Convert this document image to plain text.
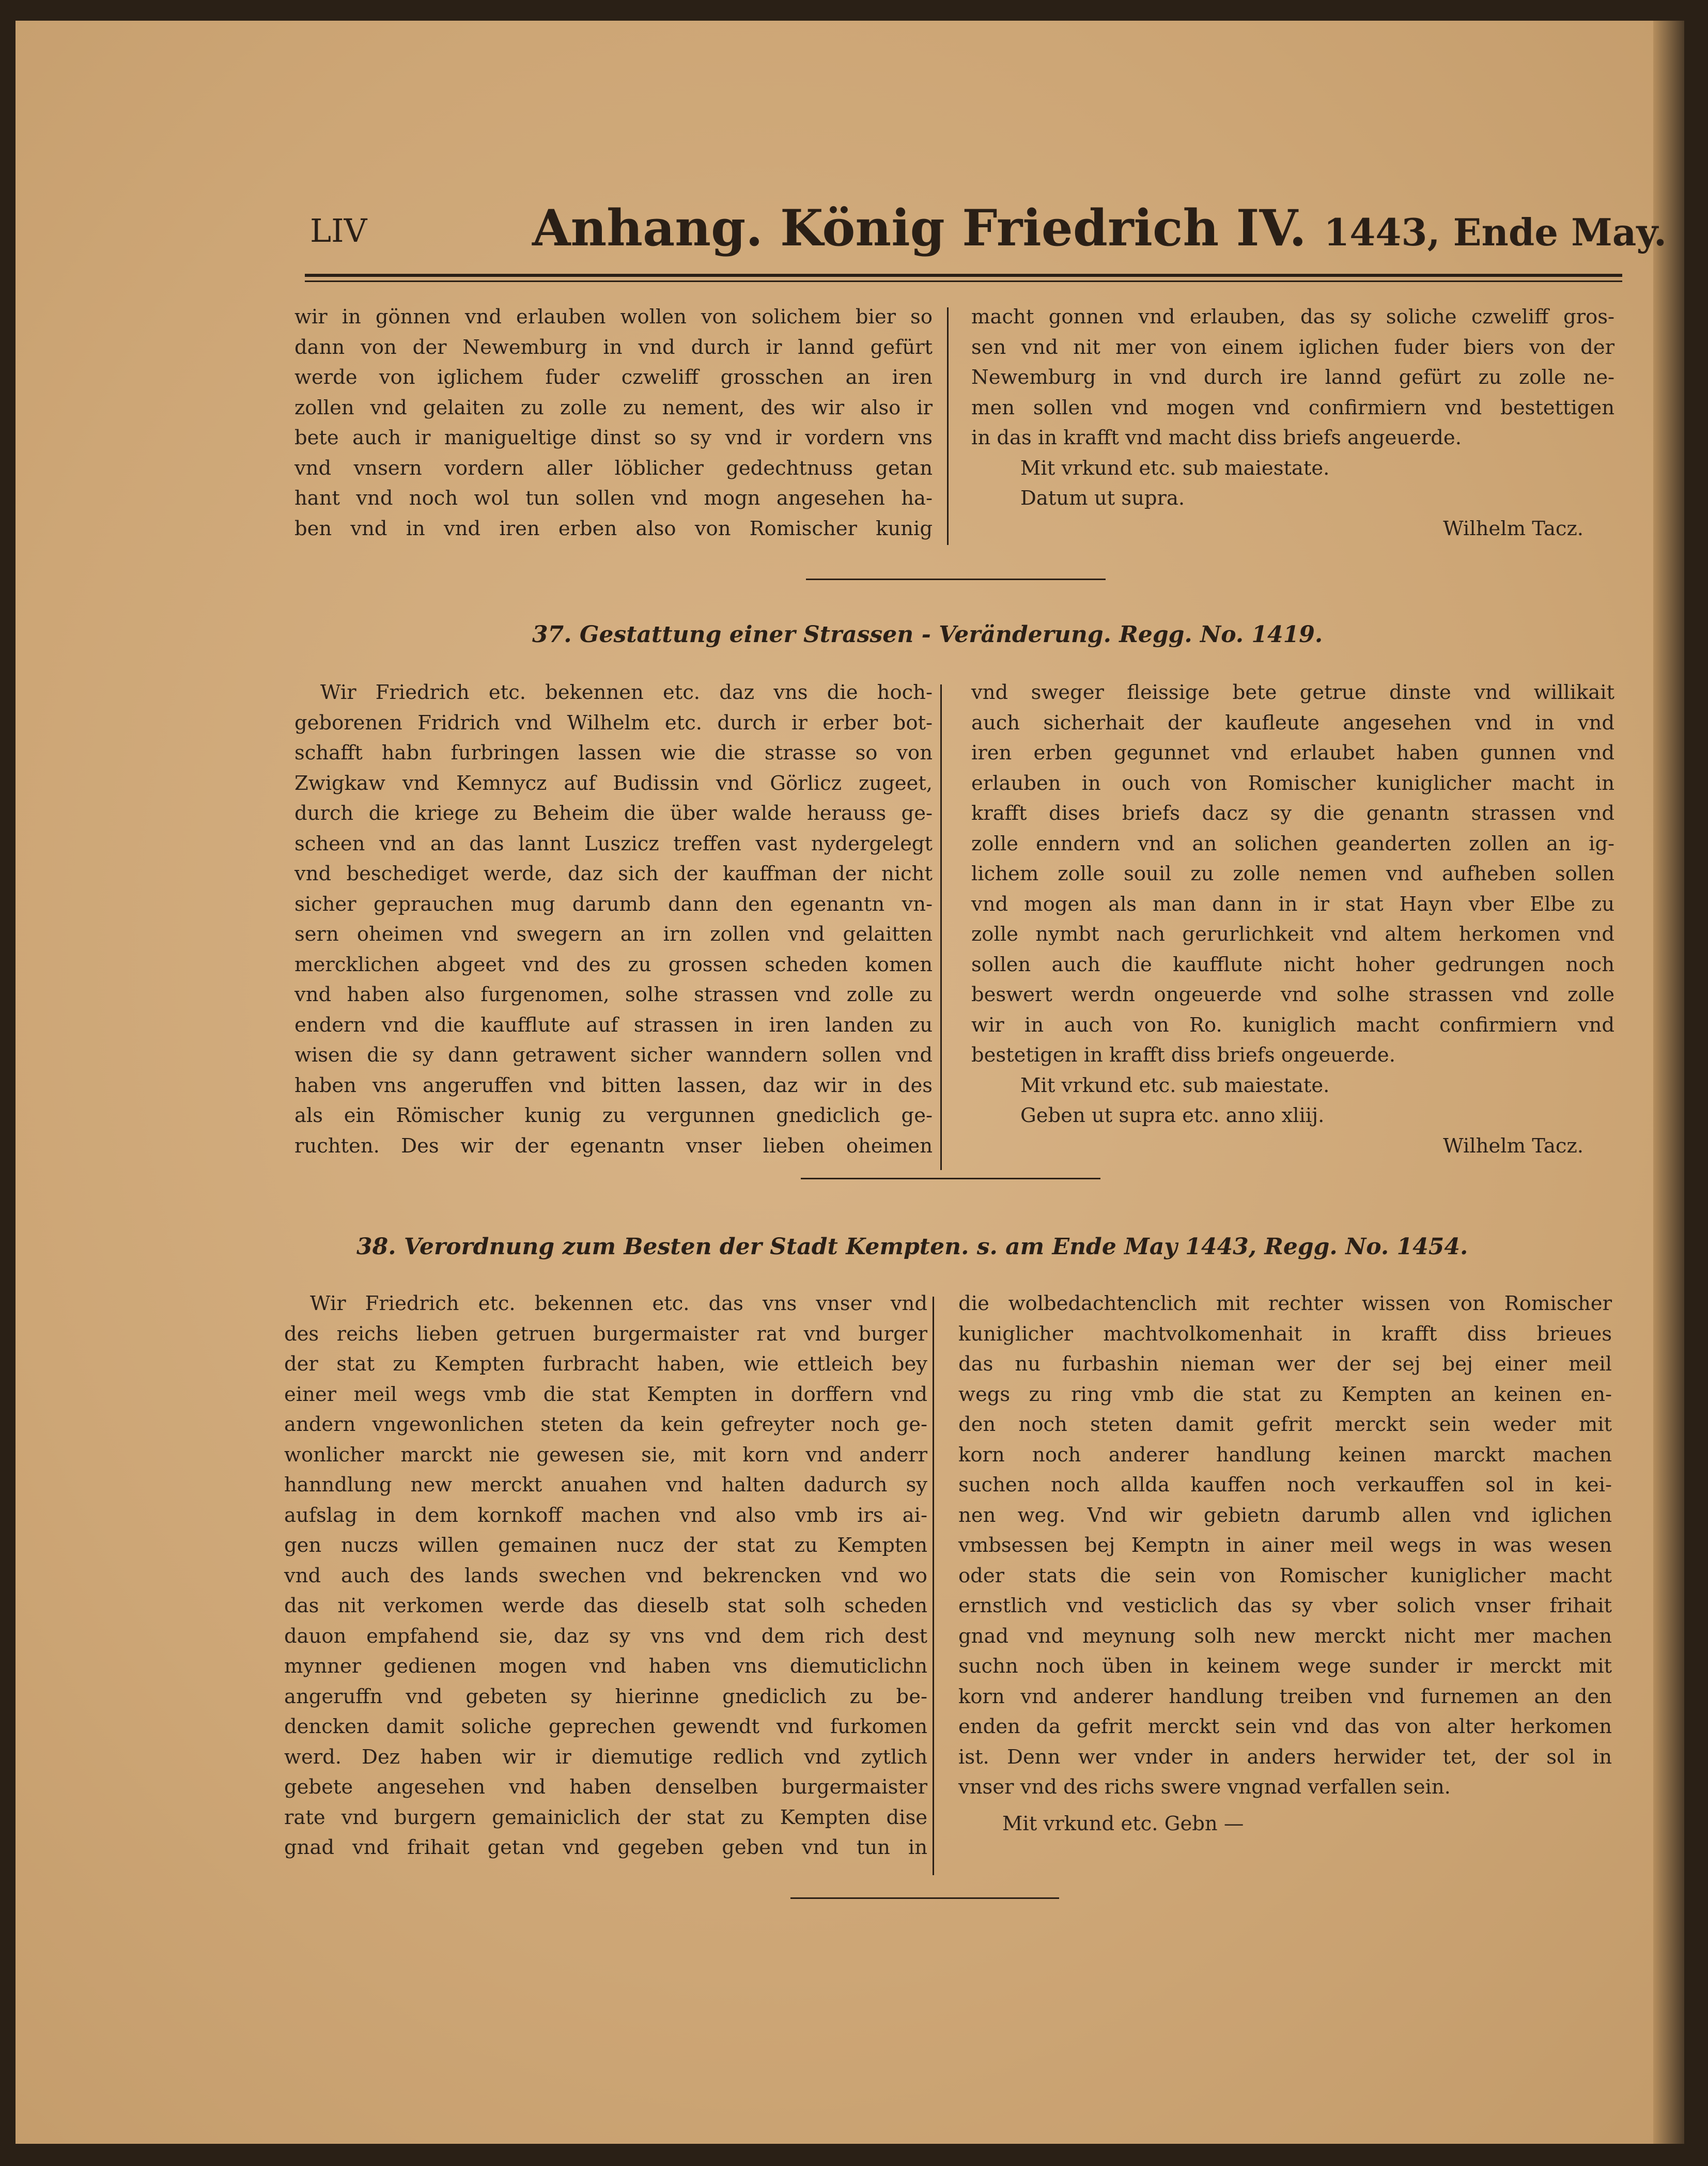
LIV	Anhang. König Friedrich IV. 1443, Ende May.
wir in gönnen vnd erlauben wollen von solichem bier so
dann von der Newemburg in vnd durch ir lannd gefürt
werde von iglichem fuder czweliff grosschen an iren
zollen vnd gelaiten zu zolle zu nement, des wir also ir
bete auch ir manigueltige dinst so sy vnd ir vordern vns
vnd vnsern vordern aller löblicher gedechtnuss getan
hant vnd noch wol tun sollen vnd mogn angesehen ha-
ben vnd in vnd iren erben also von Romischer kunig
macht gonnen vnd erlauben, das sy soliche czweliff gros-
sen vnd nit mer von einem iglichen fuder biers von der
Newemburg in vnd durch ire lannd gefürt zu zolle ne-
men sollen vnd mogen vnd confirmiern vnd bestettigen
in das in krafft vnd macht diss briefs angeuerde.
Mit vrkund etc. sub maiestate.
Datum ut supra.
Wilhelm Tacz.
37. Gestattung einer Strassen - Veränderung. Regg. No. 1419.
Wir Friedrich etc. bekennen etc. daz vns die hoch-
geborenen Fridrich vnd Wilhelm etc. durch ir erber bot-
schafft habn furbringen lassen wie die strasse so von
Zwigkaw vnd Kemnycz auf Budissin vnd Görlicz zugeet,
durch die kriege zu Beheim die über walde herauss ge-
scheen vnd an das lannt Luszicz treffen vast nydergelegt
vnd beschediget werde, daz sich der kauffman der nicht
sicher geprauchen mug darumb dann den egenantn vn-
sern oheimen vnd swegern an irn zollen vnd gelaitten
mercklichen abgeet vnd des zu grossen scheden komen
vnd haben also furgenomen, solhe strassen vnd zolle zu
endern vnd die kaufflute auf strassen in iren landen zu
wisen die sy dann getrawent sicher wanndern sollen vnd
haben vns angeruffen vnd bitten lassen, daz wir in des
als ein Römischer kunig zu vergunnen gnediclich ge-
ruchten. Des wir der egenantn vnser lieben oheimen
vnd sweger fleissige bete getrue dinste vnd willikait
auch sicherhait der kaufleute angesehen vnd in vnd
iren erben gegunnet vnd erlaubet haben gunnen vnd
erlauben in ouch von Romischer kuniglicher macht in
krafft dises briefs dacz sy die genantn strassen vnd
zolle enndern vnd an solichen geanderten zollen an ig-
lichem zolle souil zu zolle nemen vnd aufheben sollen
vnd mogen als man dann in ir stat Hayn vber Elbe zu
zolle nymbt nach gerurlichkeit vnd altem herkomen vnd
sollen auch die kaufflute nicht hoher gedrungen noch
beswert werdn ongeuerde vnd solhe strassen vnd zolle
wir in auch von Ro. kuniglich macht confirmiern vnd
bestetigen in krafft diss briefs ongeuerde.
Mit vrkund etc. sub maiestate.
Geben ut supra etc. anno xliij.
Wilhelm Tacz.
38. Verordnung zum Besten der Stadt Kempten. s. am Ende May 1443, Regg. No. 1454.
Wir Friedrich etc. bekennen etc. das vns vnser vnd
des reichs lieben getruen burgermaister rat vnd burger
der stat zu Kempten furbracht haben, wie ettleich bey
einer meil wegs vmb die stat Kempten in dorffern vnd
andern vngewonlichen steten da kein gefreyter noch ge-
wonlicher marckt nie gewesen sie, mit korn vnd anderr
hanndlung new merckt anuahen vnd halten dadurch sy
aufslag in dem kornkoff machen vnd also vmb irs ai-
gen nuczs willen gemainen nucz der stat zu Kempten
vnd auch des lands swechen vnd bekrencken vnd wo
das nit verkomen werde das dieselb stat solh scheden
dauon empfahend sie, daz sy vns vnd dem rich dest
mynner gedienen mogen vnd haben vns diemuticlichn
angeruffn vnd gebeten sy hierinne gnediclich zu be-
dencken damit soliche geprechen gewendt vnd furkomen
werd. Dez haben wir ir diemutige redlich vnd zytlich
gebete angesehen vnd haben denselben burgermaister
rate vnd burgern gemainiclich der stat zu Kempten dise
gnad vnd frihait getan vnd gegeben geben vnd tun in
die wolbedachtenclich mit rechter wissen von Romischer
kuniglicher machtvolkomenhait in krafft diss brieues
das nu furbashin nieman wer der sej bej einer meil
wegs zu ring vmb die stat zu Kempten an keinen en-
den noch steten damit gefrit merckt sein weder mit
korn noch anderer handlung keinen marckt machen
suchen noch allda kauffen noch verkauffen sol in kei-
nen weg. Vnd wir gebietn darumb allen vnd iglichen
vmbsessen bej Kemptn in ainer meil wegs in was wesen
oder stats die sein von Romischer kuniglicher macht
ernstlich vnd vesticlich das sy vber solich vnser frihait
gnad vnd meynung solh new merckt nicht mer machen
suchn noch üben in keinem wege sunder ir merckt mit
korn vnd anderer handlung treiben vnd furnemen an den
enden da gefrit merckt sein vnd das von alter herkomen
ist. Denn wer vnder in anders herwider tet, der sol in
vnser vnd des richs swere vngnad verfallen sein.
Mit vrkund etc. Gebn —
